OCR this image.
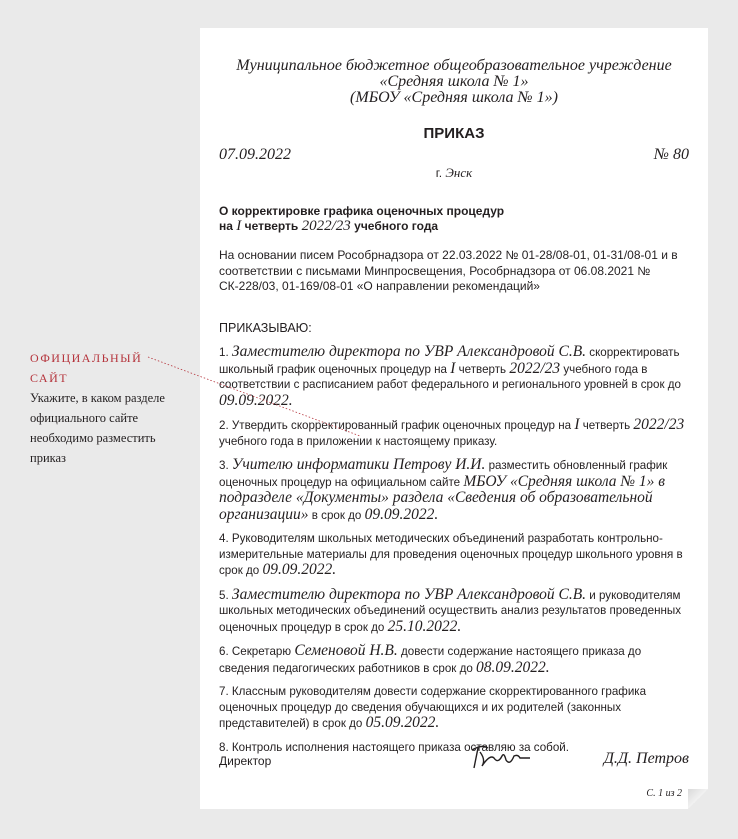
Муниципальное бюджетное общеобразовательное учреждение
«Средняя школа № 1»
(МБОУ «Средняя школа № 1»)
ПРИКАЗ
07.09.2022	№ 80
г. Энск
О корректировке графика оценочных процедур
на I четверть 2022/23 учебного года
На основании писем Рособрнадзора от 22.03.2022 № 01-28/08-01, 01-31/08-01 и в соответствии с письмами Минпросвещения, Рособрнадзора от 06.08.2021 № СК-228/03, 01-169/08-01 «О направлении рекомендаций»
ПРИКАЗЫВАЮ:
1. Заместителю директора по УВР Александровой С.В. скорректировать школьный график оценочных процедур на I четверть 2022/23 учебного года в соответствии с расписанием работ федерального и регионального уровней в срок до 09.09.2022.
2. Утвердить скорректированный график оценочных процедур на I четверть 2022/23 учебного года в приложении к настоящему приказу.
3. Учителю информатики Петрову И.И. разместить обновленный график оценочных процедур на официальном сайте МБОУ «Средняя школа № 1» в подразделе «Документы» раздела «Сведения об образовательной организации» в срок до 09.09.2022.
4. Руководителям школьных методических объединений разработать контрольно-измерительные материалы для проведения оценочных процедур школьного уровня в срок до 09.09.2022.
5. Заместителю директора по УВР Александровой С.В. и руководителям школьных методических объединений осуществить анализ результатов проведенных оценочных процедур в срок до 25.10.2022.
6. Секретарю Семеновой Н.В. довести содержание настоящего приказа до сведения педагогических работников в срок до 08.09.2022.
7. Классным руководителям довести содержание скорректированного графика оценочных процедур до сведения обучающихся и их родителей (законных представителей) в срок до 05.09.2022.
8. Контроль исполнения настоящего приказа оставляю за собой.
Директор	Д.Д. Петров
С. 1 из 2
ОФИЦИАЛЬНЫЙ САЙТ
Укажите, в каком разделе официального сайте необходимо разместить приказ
